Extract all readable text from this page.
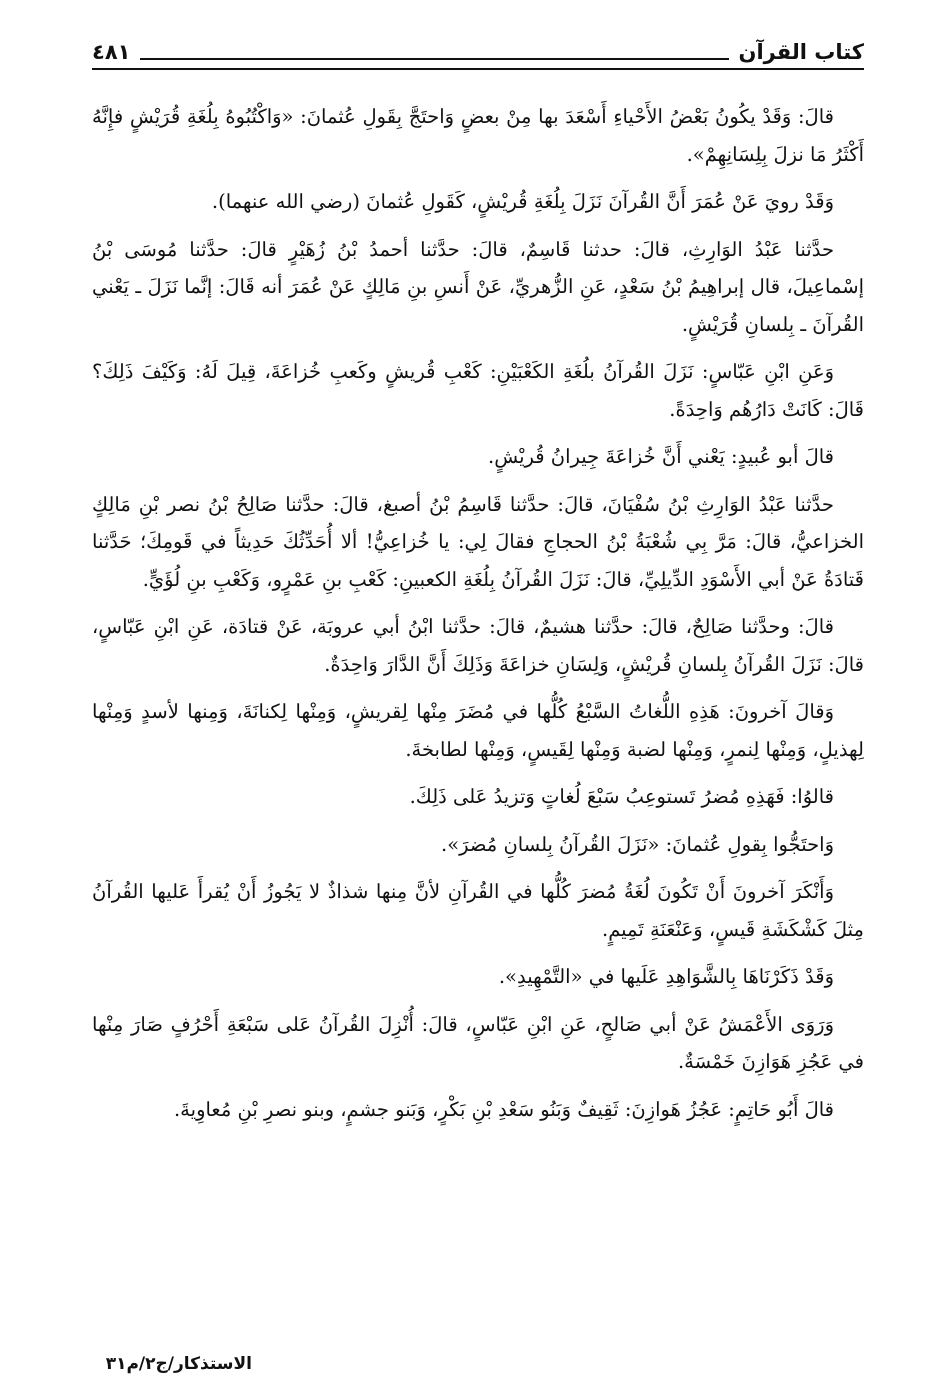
كتاب القرآن
٤٨١

قالَ: وَقَدْ يكُونُ بَعْضُ الأَحْياءِ أَسْعَدَ بها مِنْ بعضٍ وَاحتَجَّ بِقَولِ عُثمانَ: «وَاكْتُبُوهُ بِلُغَةِ قُرَيْشٍ فإِنَّهُ أَكْثَرُ مَا نزلَ بِلِسَانِهِمْ».

وَقَدْ رويَ عَنْ عُمَرَ أَنَّ القُرآنَ نَزَلَ بِلُغَةِ قُريْشٍ، كَقَولِ عُثمانَ (رضي الله عنهما).

حدَّثنا عَبْدُ الوَارِثِ، قالَ: حدثنا قَاسِمٌ، قالَ: حدَّثنا أحمدُ بْنُ زُهَيْرٍ قالَ: حدَّثنا مُوسَى بْنُ إسْماعِيلَ، قال إبراهِيمُ بْنُ سَعْدٍ، عَنِ الزُّهريِّ، عَنْ أَنسِ بنِ مَالِكٍ عَنْ عُمَرَ أنه قَالَ: إنَّما نَزَلَ ـ يَعْني القُرآنَ ـ بِلسانِ قُرَيْشٍ.

وَعَنِ ابْنِ عَبّاسٍ: نَزَلَ القُرآنُ بلُغَةِ الكَعْبَيْنِ: كَعْبِ قُريشٍ وكَعبِ خُزاعَةَ، قِيلَ لَهُ: وَكَيْفَ ذَلِكَ؟ قَالَ: كَانَتْ دَارُهُم وَاحِدَةً.

قالَ أبو عُبيدٍ: يَعْني أَنَّ خُزاعَةَ جِيرانُ قُريْشٍ.

حدَّثنا عَبْدُ الوَارِثِ بْنُ سُفْيَانَ، قالَ: حدَّثنا قَاسِمُ بْنُ أصبغ، قالَ: حدَّثنا صَالِحُ بْنُ نصر بْنِ مَالِكٍ الخزاعيُّ، قالَ: مَرَّ بِي شُعْبَةُ بْنُ الحجاجِ فقالَ لِي: يا خُزاعِيُّ! ألا أُحَدِّثُكَ حَدِيثاً في قَومِكَ؛ حَدَّثنا قَتادَةُ عَنْ أبي الأَسْوَدِ الدِّيلِيِّ، قالَ: نَزَلَ القُرآنُ بِلُغَةِ الكعبينِ: كَعْبِ بنِ عَمْرٍو، وَكَعْبِ بنِ لُؤَيٍّ.

قالَ: وحدَّثنا صَالِحٌ، قالَ: حدَّثنا هشيمٌ، قالَ: حدَّثنا ابْنُ أبي عروبَة، عَنْ قتادَة، عَنِ ابْنِ عَبّاسٍ، قالَ: نَزَلَ القُرآنُ بِلسانِ قُريْشٍ، وَلِسَانِ خزاعَةَ وَذَلِكَ أَنَّ الدَّارَ وَاحِدَةٌ.

وَقالَ آخرونَ: هَذِهِ اللُّغاتُ السَّبْعُ كُلُّها في مُضَرَ مِنْها لِقريشٍ، وَمِنْها لِكنانَةَ، وَمِنها لأسدٍ وَمِنْها لِهذيلٍ، وَمِنْها لِنمرٍ، وَمِنْها لضبة وَمِنْها لِقَيسٍ، وَمِنْها لطابخةَ.

قالوُا: فَهَذِهِ مُضرُ تَستوعِبُ سَبْعَ لُغاتٍ وَتزيدُ عَلى ذَلِكَ.

وَاحتَجُّوا بِقولِ عُثمانَ: «نَزَلَ القُرآنُ بِلسانِ مُضرَ».

وَأَنْكَرَ آخرونَ أَنْ تَكُونَ لُغَةُ مُضرَ كُلُّها في القُرآنِ لأنَّ مِنها شذاذٌ لا يَجُوزُ أَنْ يُقرأَ عَليها القُرآنُ مِثلَ كَشْكَشَةِ قَيسٍ، وَعَنْعَنَةِ تَمِيمٍ.

وَقَدْ ذَكَرْنَاهَا بِالشَّوَاهِدِ عَلَيها في «التَّمْهِيدِ».

وَرَوَى الأَعْمَشُ عَنْ أبي صَالحٍ، عَنِ ابْنِ عَبّاسٍ، قالَ: أُنْزِلَ القُرآنُ عَلى سَبْعَةِ أَحْرُفٍ صَارَ مِنْها في عَجُزِ هَوَازِنَ خَمْسَةٌ.

قالَ أَبُو حَاتِمٍ: عَجُزُ هَوازِنَ: ثَقِيفٌ وَبَنُو سَعْدِ بْنِ بَكْرٍ، وَبَنو جشمٍ، وبنو نصرِ بْنِ مُعاوِيةَ.

الاستذكار/ج٢/م٣١
